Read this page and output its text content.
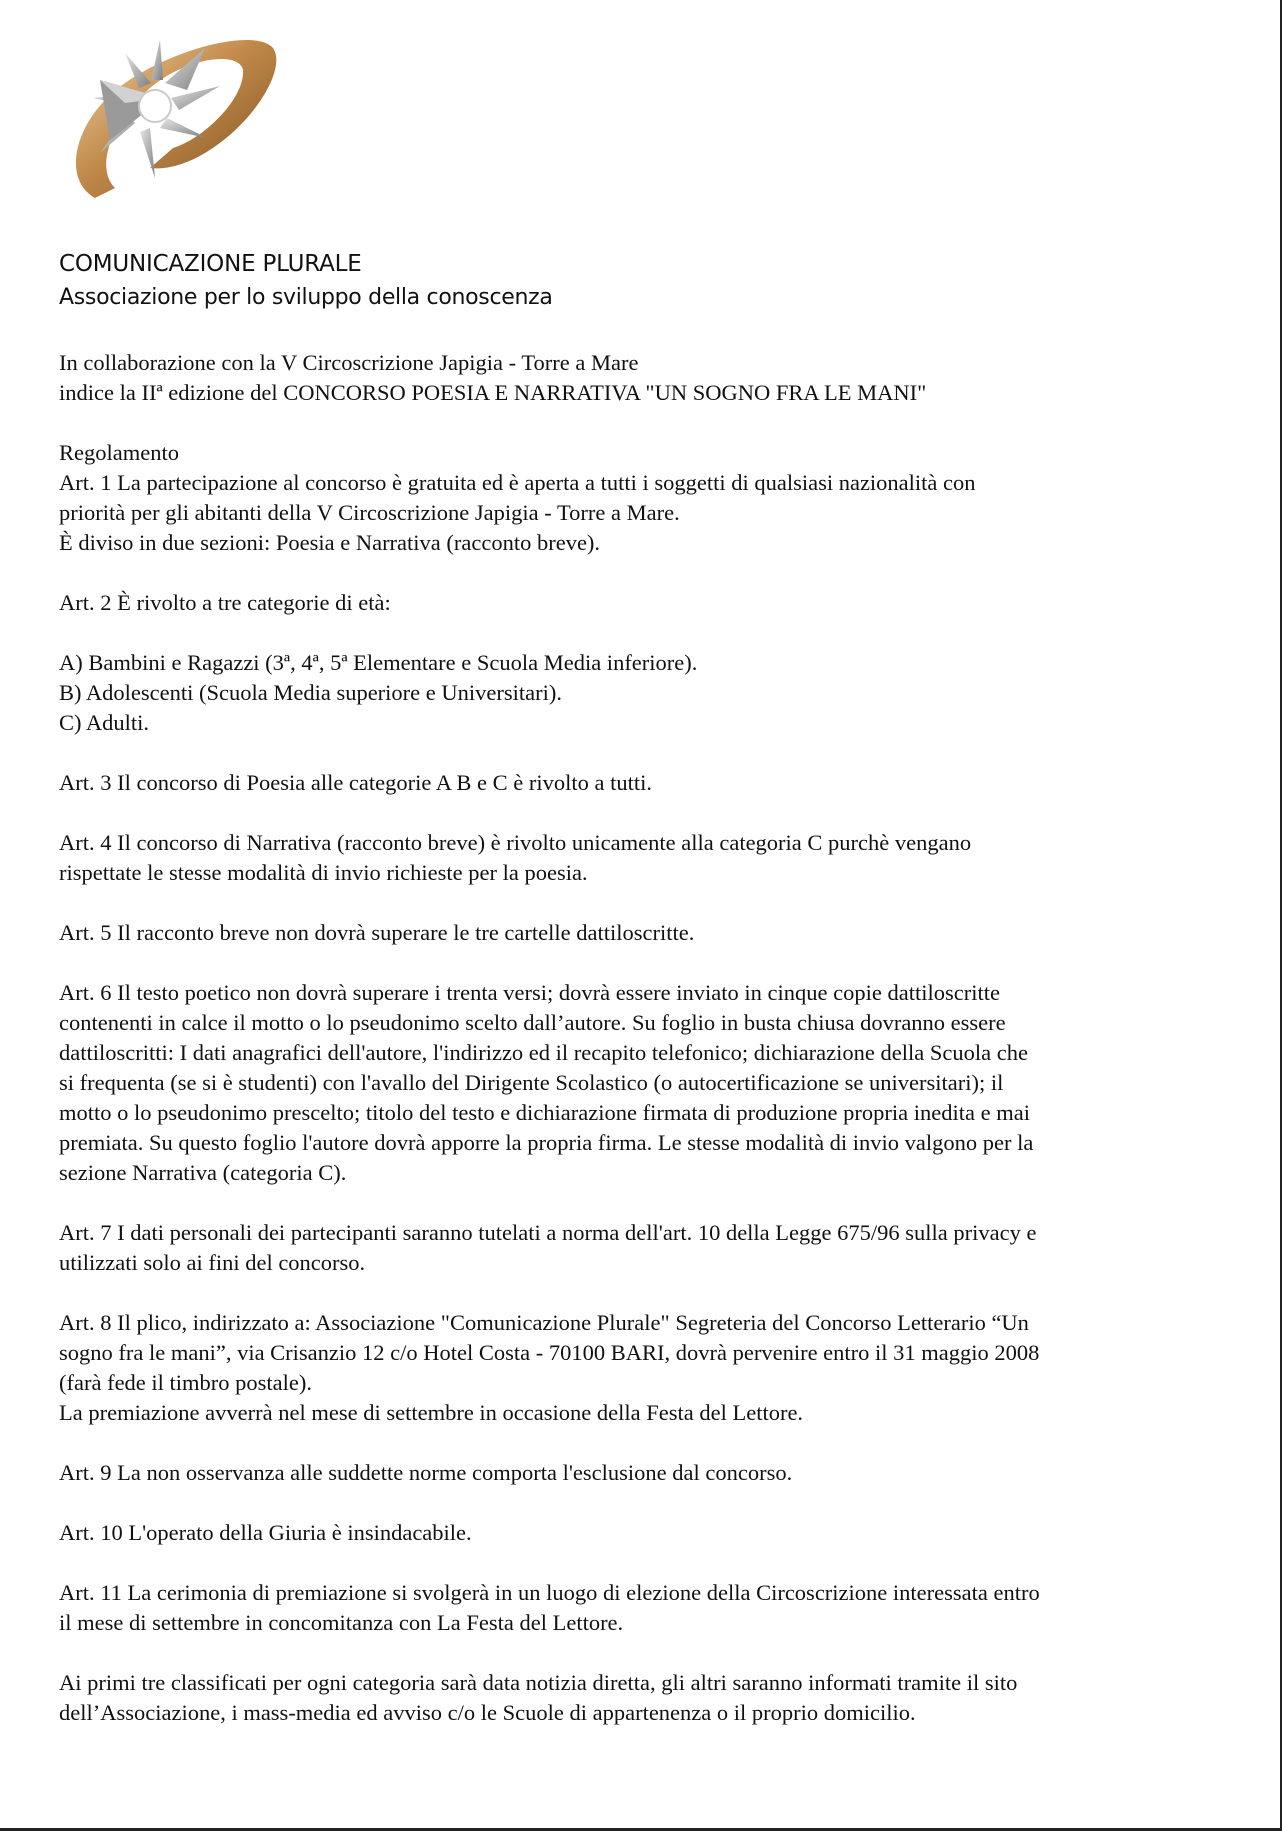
COMUNICAZIONE PLURALE
Associazione per lo sviluppo della conoscenza

In collaborazione con la V Circoscrizione Japigia - Torre a Mare
indice la IIª edizione del CONCORSO POESIA E NARRATIVA "UN SOGNO FRA LE MANI"

Regolamento
Art. 1 La partecipazione al concorso è gratuita ed è aperta a tutti i soggetti di qualsiasi nazionalità con
priorità per gli abitanti della V Circoscrizione Japigia - Torre a Mare.
È diviso in due sezioni: Poesia e Narrativa (racconto breve).

Art. 2 È rivolto a tre categorie di età:

A) Bambini e Ragazzi (3ª, 4ª, 5ª Elementare e Scuola Media inferiore).
B) Adolescenti (Scuola Media superiore e Universitari).
C) Adulti.

Art. 3 Il concorso di Poesia alle categorie A B e C è rivolto a tutti.

Art. 4 Il concorso di Narrativa (racconto breve) è rivolto unicamente alla categoria C purchè vengano
rispettate le stesse modalità di invio richieste per la poesia.

Art. 5 Il racconto breve non dovrà superare le tre cartelle dattiloscritte.

Art. 6 Il testo poetico non dovrà superare i trenta versi; dovrà essere inviato in cinque copie dattiloscritte
contenenti in calce il motto o lo pseudonimo scelto dall’autore. Su foglio in busta chiusa dovranno essere
dattiloscritti: I dati anagrafici dell'autore, l'indirizzo ed il recapito telefonico; dichiarazione della Scuola che
si frequenta (se si è studenti) con l'avallo del Dirigente Scolastico (o autocertificazione se universitari); il
motto o lo pseudonimo prescelto; titolo del testo e dichiarazione firmata di produzione propria inedita e mai
premiata. Su questo foglio l'autore dovrà apporre la propria firma. Le stesse modalità di invio valgono per la
sezione Narrativa (categoria C).

Art. 7 I dati personali dei partecipanti saranno tutelati a norma dell'art. 10 della Legge 675/96 sulla privacy e
utilizzati solo ai fini del concorso.

Art. 8 Il plico, indirizzato a: Associazione "Comunicazione Plurale" Segreteria del Concorso Letterario “Un
sogno fra le mani”, via Crisanzio 12 c/o Hotel Costa - 70100 BARI, dovrà pervenire entro il 31 maggio 2008
(farà fede il timbro postale).
La premiazione avverrà nel mese di settembre in occasione della Festa del Lettore.

Art. 9 La non osservanza alle suddette norme comporta l'esclusione dal concorso.

Art. 10 L'operato della Giuria è insindacabile.

Art. 11 La cerimonia di premiazione si svolgerà in un luogo di elezione della Circoscrizione interessata entro
il mese di settembre in concomitanza con La Festa del Lettore.

Ai primi tre classificati per ogni categoria sarà data notizia diretta, gli altri saranno informati tramite il sito
dell’Associazione, i mass-media ed avviso c/o le Scuole di appartenenza o il proprio domicilio.
